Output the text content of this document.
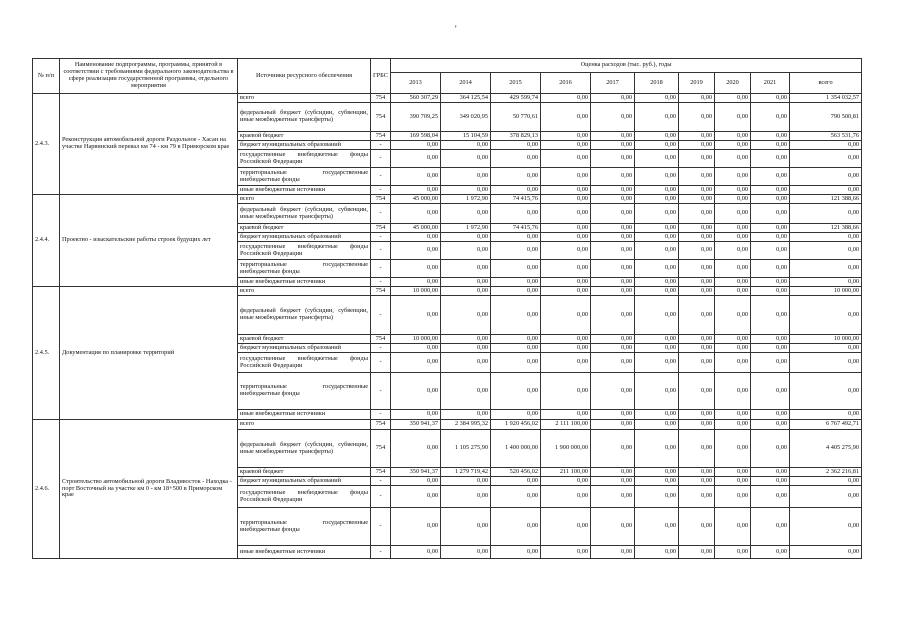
'
№ п/п	Наименование подпрограммы, программы, принятой в соответствии с требованиями федерального законодательства в сфере реализации государственной программы, отдельного мероприятия	Источники ресурсного обеспечения	ГРБС	Оценка расходов (тыс. руб.), годы									
				2013	2014	2015	2016	2017	2018	2019	2020	2021	всего
2.4.3.	Реконструкция автомобильной дороги Раздольное - Хасан на участке Нарвинский перевал км 74 - км 79 в Приморском крае	всего	754	560 307,29	364 125,54	429 599,74	0,00	0,00	0,00	0,00	0,00	0,00	1 354 032,57
		федеральный бюджет (субсидии, субвенции, иные межбюджетные трансферты)	754	390 709,25	349 020,95	50 770,61	0,00	0,00	0,00	0,00	0,00	0,00	790 500,81
		краевой бюджет	754	169 598,04	15 104,59	378 829,13	0,00	0,00	0,00	0,00	0,00	0,00	563 531,76
		бюджет муниципальных образований	-	0,00	0,00	0,00	0,00	0,00	0,00	0,00	0,00	0,00	0,00
		государственные внебюджетные фонды Российской Федерации	-	0,00	0,00	0,00	0,00	0,00	0,00	0,00	0,00	0,00	0,00
		территориальные государственные внебюджетные фонды	-	0,00	0,00	0,00	0,00	0,00	0,00	0,00	0,00	0,00	0,00
		иные внебюджетные источники	-	0,00	0,00	0,00	0,00	0,00	0,00	0,00	0,00	0,00	0,00
2.4.4.	Проектно - изыскательские работы строек будущих лет	всего	754	45 000,00	1 972,90	74 415,76	0,00	0,00	0,00	0,00	0,00	0,00	121 388,66
		федеральный бюджет (субсидии, субвенции, иные межбюджетные трансферты)	-	0,00	0,00	0,00	0,00	0,00	0,00	0,00	0,00	0,00	0,00
		краевой бюджет	754	45 000,00	1 972,90	74 415,76	0,00	0,00	0,00	0,00	0,00	0,00	121 388,66
		бюджет муниципальных образований	-	0,00	0,00	0,00	0,00	0,00	0,00	0,00	0,00	0,00	0,00
		государственные внебюджетные фонды Российской Федерации	-	0,00	0,00	0,00	0,00	0,00	0,00	0,00	0,00	0,00	0,00
		территориальные государственные внебюджетные фонды	-	0,00	0,00	0,00	0,00	0,00	0,00	0,00	0,00	0,00	0,00
		иные внебюджетные источники	-	0,00	0,00	0,00	0,00	0,00	0,00	0,00	0,00	0,00	0,00
2.4.5.	Документация по планировке территорий	всего	754	10 000,00	0,00	0,00	0,00	0,00	0,00	0,00	0,00	0,00	10 000,00
		федеральный бюджет (субсидии, субвенции, иные межбюджетные трансферты)	-	0,00	0,00	0,00	0,00	0,00	0,00	0,00	0,00	0,00	0,00
		краевой бюджет	754	10 000,00	0,00	0,00	0,00	0,00	0,00	0,00	0,00	0,00	10 000,00
		бюджет муниципальных образований	-	0,00	0,00	0,00	0,00	0,00	0,00	0,00	0,00	0,00	0,00
		государственные внебюджетные фонды Российской Федерации	-	0,00	0,00	0,00	0,00	0,00	0,00	0,00	0,00	0,00	0,00
		территориальные государственные внебюджетные фонды	-	0,00	0,00	0,00	0,00	0,00	0,00	0,00	0,00	0,00	0,00
		иные внебюджетные источники	-	0,00	0,00	0,00	0,00	0,00	0,00	0,00	0,00	0,00	0,00
2.4.6.	Строительство автомобильной дороги Владивосток - Находка - порт Восточный на участке км 0 - км 18+500 в Приморском крае	всего	754	350 941,37	2 384 995,32	1 920 456,02	2 111 100,00	0,00	0,00	0,00	0,00	0,00	6 767 492,71
		федеральный бюджет (субсидии, субвенции, иные межбюджетные трансферты)	754	0,00	1 105 275,90	1 400 000,00	1 900 000,00	0,00	0,00	0,00	0,00	0,00	4 405 275,90
		краевой бюджет	754	350 941,37	1 279 719,42	520 456,02	211 100,00	0,00	0,00	0,00	0,00	0,00	2 362 216,81
		бюджет муниципальных образований	-	0,00	0,00	0,00	0,00	0,00	0,00	0,00	0,00	0,00	0,00
		государственные внебюджетные фонды Российской Федерации	-	0,00	0,00	0,00	0,00	0,00	0,00	0,00	0,00	0,00	0,00
		территориальные государственные внебюджетные фонды	-	0,00	0,00	0,00	0,00	0,00	0,00	0,00	0,00	0,00	0,00
		иные внебюджетные источники	-	0,00	0,00	0,00	0,00	0,00	0,00	0,00	0,00	0,00	0,00
